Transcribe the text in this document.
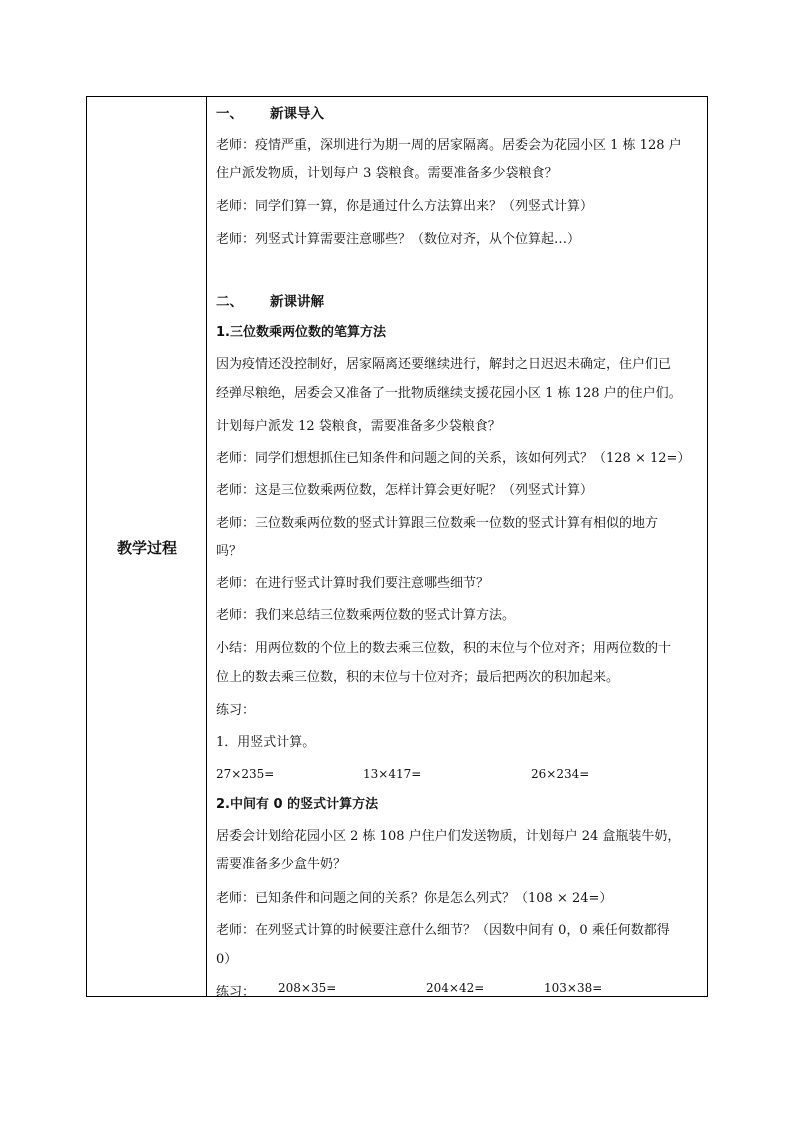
教学过程
一、 新课导入
老师：疫情严重，深圳进行为期一周的居家隔离。居委会为花园小区 1 栋 128 户
住户派发物质，计划每户 3 袋粮食。需要准备多少袋粮食？
老师：同学们算一算，你是通过什么方法算出来？（列竖式计算）
老师：列竖式计算需要注意哪些？（数位对齐，从个位算起…）
二、 新课讲解
1.三位数乘两位数的笔算方法
因为疫情还没控制好，居家隔离还要继续进行，解封之日迟迟未确定，住户们已
经弹尽粮绝，居委会又准备了一批物质继续支援花园小区 1 栋 128 户的住户们。
计划每户派发 12 袋粮食，需要准备多少袋粮食？
老师：同学们想想抓住已知条件和问题之间的关系，该如何列式？（128 × 12=）
老师：这是三位数乘两位数，怎样计算会更好呢？（列竖式计算）
老师：三位数乘两位数的竖式计算跟三位数乘一位数的竖式计算有相似的地方
吗？
老师：在进行竖式计算时我们要注意哪些细节？
老师：我们来总结三位数乘两位数的竖式计算方法。
小结：用两位数的个位上的数去乘三位数，积的末位与个位对齐；用两位数的十
位上的数去乘三位数，积的末位与十位对齐；最后把两次的积加起来。
练习：
1．用竖式计算。
27×235=	13×417=	26×234=
2.中间有 0 的竖式计算方法
居委会计划给花园小区 2 栋 108 户住户们发送物质，计划每户 24 盒瓶装牛奶，
需要准备多少盒牛奶？
老师：已知条件和问题之间的关系？你是怎么列式？（108 × 24=）
老师：在列竖式计算的时候要注意什么细节？（因数中间有 0，0 乘任何数都得
0）
练习： 208×35=	204×42=	103×38=
